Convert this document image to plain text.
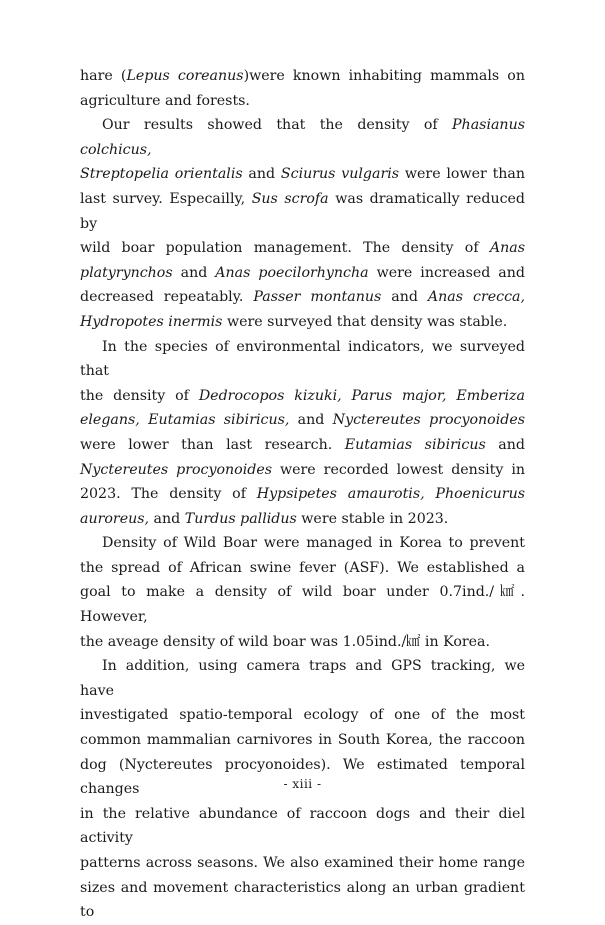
hare (Lepus coreanus)were known inhabiting mammals on

agriculture and forests.

Our results showed that the density of Phasianus colchicus,

Streptopelia orientalis and Sciurus vulgaris were lower than

last survey. Especailly, Sus scrofa was dramatically reduced by

wild boar population management. The density of Anas

platyrynchos and Anas poecilorhyncha were increased and

decreased repeatably. Passer montanus and Anas crecca,

Hydropotes inermis were surveyed that density was stable.

In the species of environmental indicators, we surveyed that

the density of Dedrocopos kizuki, Parus major, Emberiza

elegans, Eutamias sibiricus, and Nyctereutes procyonoides

were lower than last research. Eutamias sibiricus and

Nyctereutes procyonoides were recorded lowest density in

2023. The density of Hypsipetes amaurotis, Phoenicurus

auroreus, and Turdus pallidus were stable in 2023.

Density of Wild Boar were managed in Korea to prevent

the spread of African swine fever (ASF). We established a

goal to make a density of wild boar under 0.7ind./㎢. However,

the aveage density of wild boar was 1.05ind./㎢ in Korea.

In addition, using camera traps and GPS tracking, we have

investigated spatio-temporal ecology of one of the most

common mammalian carnivores in South Korea, the raccoon

dog (Nyctereutes procyonoides). We estimated temporal changes

in the relative abundance of raccoon dogs and their diel activity

patterns across seasons. We also examined their home range

sizes and movement characteristics along an urban gradient to

- xiii -
